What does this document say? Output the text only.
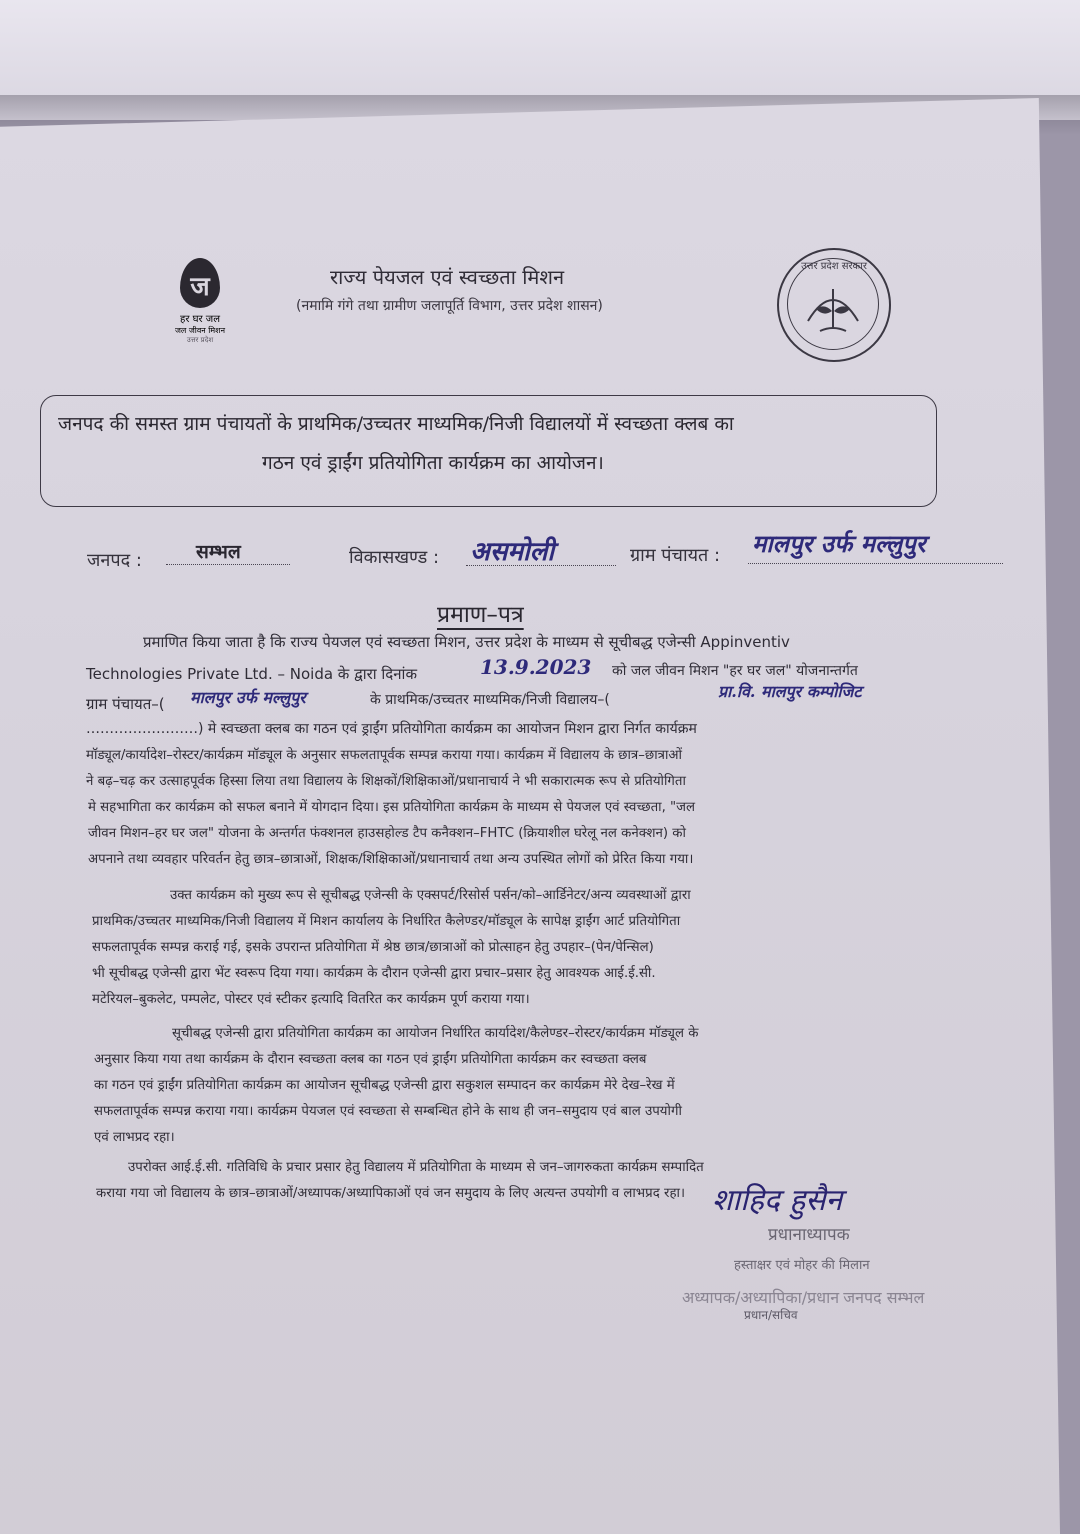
ज
हर घर जल
जल जीवन मिशन
उत्तर प्रदेश
राज्य पेयजल एवं स्वच्छता मिशन
(नमामि गंगे तथा ग्रामीण जलापूर्ति विभाग, उत्तर प्रदेश शासन)
उत्तर प्रदेश सरकार
जनपद की समस्त ग्राम पंचायतों के प्राथमिक/उच्चतर माध्यमिक/निजी विद्यालयों में स्वच्छता क्लब का
गठन एवं ड्राईंग प्रतियोगिता कार्यक्रम का आयोजन।
जनपद :	सम्भल	विकासखण्ड : असमोली	ग्राम पंचायत : मालपुर उर्फ मल्लुपुर
प्रमाण–पत्र
प्रमाणित किया जाता है कि राज्य पेयजल एवं स्वच्छता मिशन, उत्तर प्रदेश के माध्यम से सूचीबद्ध एजेन्सी Appinventiv
Technologies Private Ltd. – Noida के द्वारा दिनांक	13.9.2023 को जल जीवन मिशन "हर घर जल" योजनान्तर्गत
ग्राम पंचायत–( मालपुर उर्फ मल्लुपुर	के प्राथमिक/उच्चतर माध्यमिक/निजी विद्यालय–(	प्रा.वि. मालपुर कम्पोजिट
……………………) मे स्वच्छता क्लब का गठन एवं ड्राईंग प्रतियोगिता कार्यक्रम का आयोजन मिशन द्वारा निर्गत कार्यक्रम
मॉड्यूल/कार्यादेश–रोस्टर/कार्यक्रम मॉड्यूल के अनुसार सफलतापूर्वक सम्पन्न कराया गया। कार्यक्रम में विद्यालय के छात्र–छात्राओं
ने बढ़–चढ़ कर उत्साहपूर्वक हिस्सा लिया तथा विद्यालय के शिक्षकों/शिक्षिकाओं/प्रधानाचार्य ने भी सकारात्मक रूप से प्रतियोगिता
मे सहभागिता कर कार्यक्रम को सफल बनाने में योगदान दिया। इस प्रतियोगिता कार्यक्रम के माध्यम से पेयजल एवं स्वच्छता, "जल
जीवन मिशन–हर घर जल" योजना के अन्तर्गत फंक्शनल हाउसहोल्ड टैप कनैक्शन–FHTC (क्रियाशील घरेलू नल कनेक्शन) को
अपनाने तथा व्यवहार परिवर्तन हेतु छात्र–छात्राओं, शिक्षक/शिक्षिकाओं/प्रधानाचार्य तथा अन्य उपस्थित लोगों को प्रेरित किया गया।
उक्त कार्यक्रम को मुख्य रूप से सूचीबद्ध एजेन्सी के एक्सपर्ट/रिसोर्स पर्सन/को–आर्डिनेटर/अन्य व्यवस्थाओं द्वारा
प्राथमिक/उच्चतर माध्यमिक/निजी विद्यालय में मिशन कार्यालय के निर्धारित कैलेण्डर/मॉड्यूल के सापेक्ष ड्राईंग आर्ट प्रतियोगिता
सफलतापूर्वक सम्पन्न कराई गई, इसके उपरान्त प्रतियोगिता में श्रेष्ठ छात्र/छात्राओं को प्रोत्साहन हेतु उपहार–(पेन/पेन्सिल)
भी सूचीबद्ध एजेन्सी द्वारा भेंट स्वरूप दिया गया। कार्यक्रम के दौरान एजेन्सी द्वारा प्रचार–प्रसार हेतु आवश्यक आई.ई.सी.
मटेरियल–बुकलेट, पम्पलेट, पोस्टर एवं स्टीकर इत्यादि वितरित कर कार्यक्रम पूर्ण कराया गया।
सूचीबद्ध एजेन्सी द्वारा प्रतियोगिता कार्यक्रम का आयोजन निर्धारित कार्यादेश/कैलेण्डर–रोस्टर/कार्यक्रम मॉड्यूल के
अनुसार किया गया तथा कार्यक्रम के दौरान स्वच्छता क्लब का गठन एवं ड्राईंग प्रतियोगिता कार्यक्रम कर स्वच्छता क्लब
का गठन एवं ड्राईंग प्रतियोगिता कार्यक्रम का आयोजन सूचीबद्ध एजेन्सी द्वारा सकुशल सम्पादन कर कार्यक्रम मेरे देख–रेख में
सफलतापूर्वक सम्पन्न कराया गया। कार्यक्रम पेयजल एवं स्वच्छता से सम्बन्धित होने के साथ ही जन–समुदाय एवं बाल उपयोगी
एवं लाभप्रद रहा।
उपरोक्त आई.ई.सी. गतिविधि के प्रचार प्रसार हेतु विद्यालय में प्रतियोगिता के माध्यम से जन–जागरुकता कार्यक्रम सम्पादित
कराया गया जो विद्यालय के छात्र–छात्राओं/अध्यापक/अध्यापिकाओं एवं जन समुदाय के लिए अत्यन्त उपयोगी व लाभप्रद रहा। शाहिद हुसैन
प्रधानाध्यापक
हस्ताक्षर एवं मोहर की मिलान
अध्यापक/अध्यापिका/प्रधान जनपद सम्भल
प्रधान/सचिव
